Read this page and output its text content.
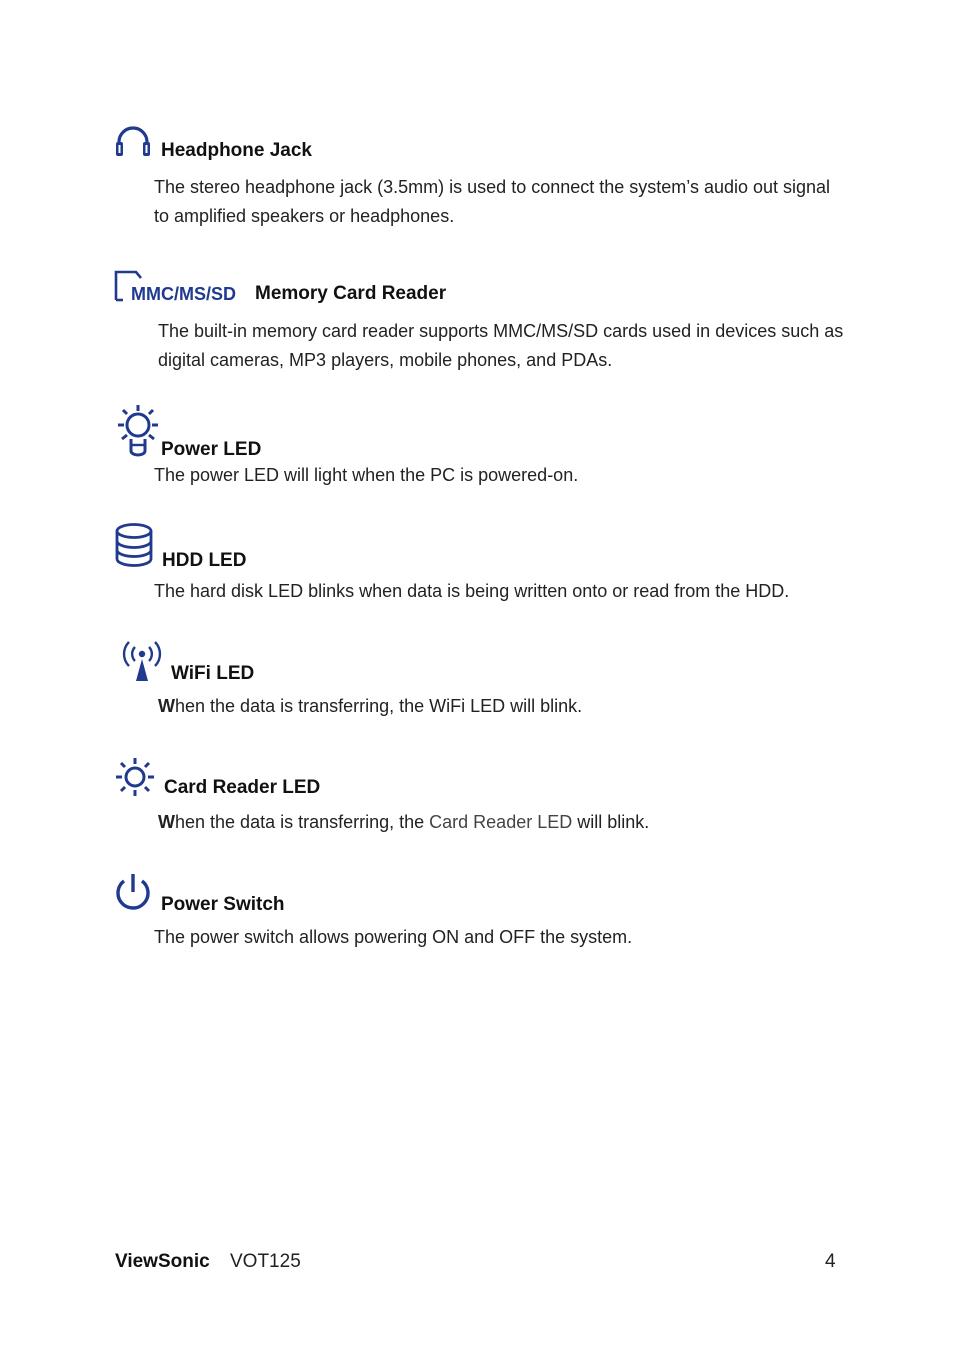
Headphone Jack
The stereo headphone jack (3.5mm) is used to connect the system’s audio out signal to amplified speakers or headphones.
MMC/MS/SD Memory Card Reader
The built-in memory card reader supports MMC/MS/SD cards used in devices such as digital cameras, MP3 players, mobile phones, and PDAs.
Power LED
The power LED will light when the PC is powered-on.
HDD LED
The hard disk LED blinks when data is being written onto or read from the HDD.
WiFi LED
When the data is transferring, the WiFi LED will blink.
Card Reader LED
When the data is transferring, the Card Reader LED will blink.
Power Switch
The power switch allows powering ON and OFF the system.
ViewSonic VOT125	4
